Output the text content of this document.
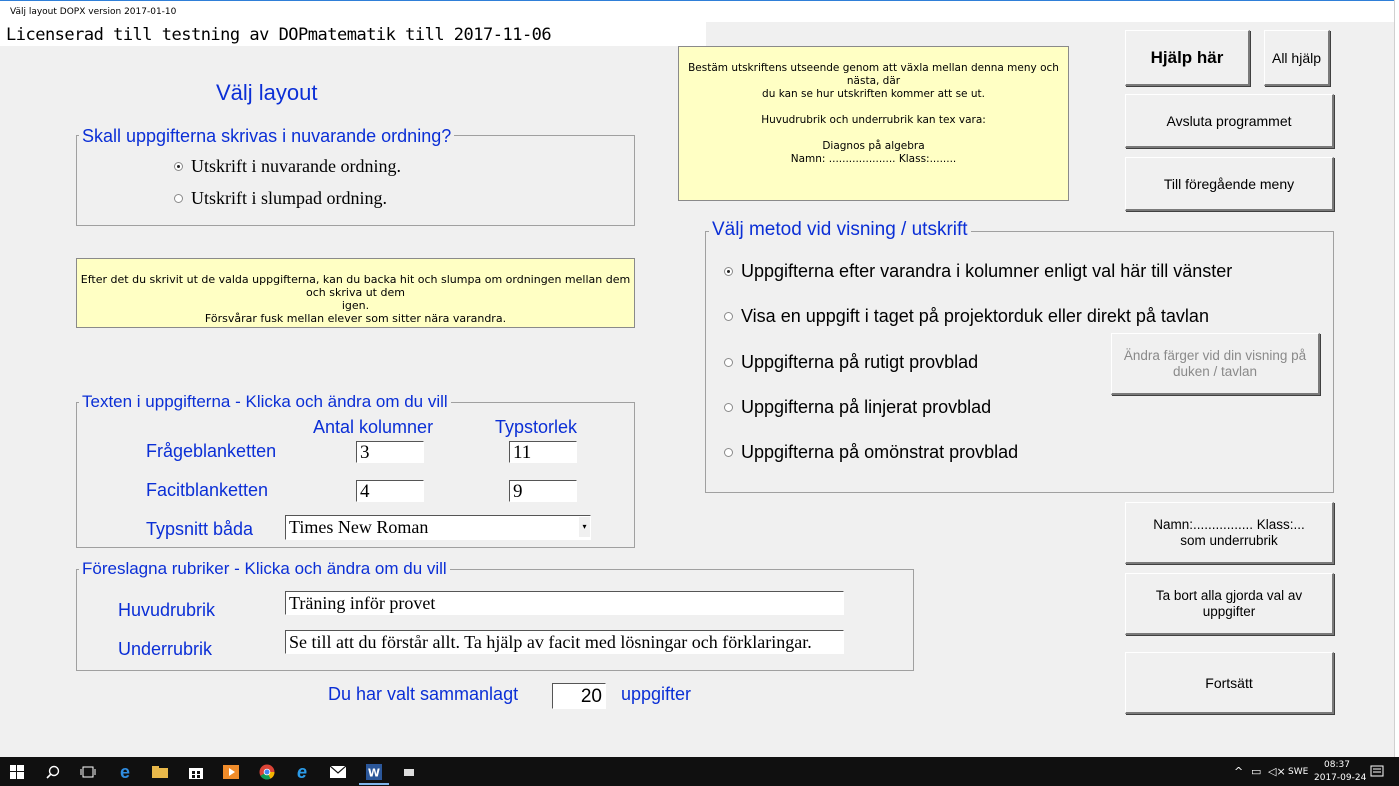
Välj layout DOPX version 2017-01-10
Licenserad till testning av DOPmatematik till 2017-11-06
Välj layout
Skall uppgifterna skrivas i nuvarande ordning?
Utskrift i nuvarande ordning.
Utskrift i slumpad ordning.
Efter det du skrivit ut de valda uppgifterna, kan du backa hit och slumpa om ordningen mellan dem och skriva ut dem
igen.
Försvårar fusk mellan elever som sitter nära varandra.
Texten i uppgifterna - Klicka och ändra om du vill
Antal kolumner	Typstorlek
Frågeblanketten	3	11
Facitblanketten	4	9
Typsnitt båda Times New Roman	▾
Föreslagna rubriker - Klicka och ändra om du vill
Huvudrubrik	Träning inför provet
Underrubrik	Se till att du förstår allt. Ta hjälp av facit med lösningar och förklaringar.
Du har valt sammanlagt	20 uppgifter
Bestäm utskriftens utseende genom att växla mellan denna meny och nästa, där
du kan se hur utskriften kommer att se ut.
Huvudrubrik och underrubrik kan tex vara:
Diagnos på algebra
Namn: .................... Klass:........
Välj metod vid visning / utskrift
Uppgifterna efter varandra i kolumner enligt val här till vänster
Visa en uppgift i taget på projektorduk eller direkt på tavlan
Uppgifterna på rutigt provblad
Uppgifterna på linjerat provblad
Uppgifterna på omönstrat provblad
Ändra färger vid din visning på
duken / tavlan
Hjälp här	All hjälp
Avsluta programmet
Till föregående meny
Namn:................ Klass:...
som underrubrik
Ta bort alla gjorda val av
uppgifter
Fortsätt
e	e	W	^ ▭ ◁× SWE
08:37
2017-09-24
